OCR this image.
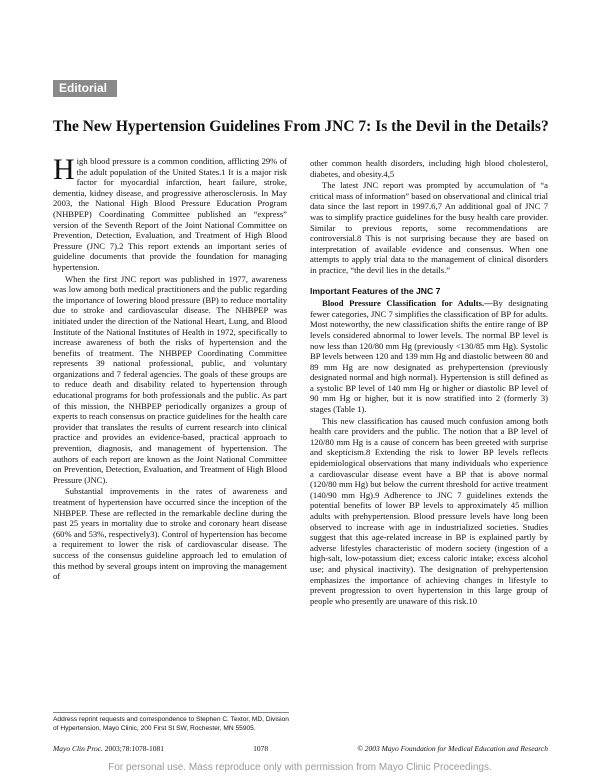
Editorial
The New Hypertension Guidelines From JNC 7: Is the Devil in the Details?

High blood pressure is a common condition, afflicting 29% of the adult population of the United States.1 It is a major risk factor for myocardial infarction, heart failure, stroke, dementia, kidney disease, and progressive atherosclerosis. In May 2003, the National High Blood Pressure Education Program (NHBPEP) Coordinating Committee published an “express” version of the Seventh Report of the Joint National Committee on Prevention, Detection, Evaluation, and Treatment of High Blood Pressure (JNC 7).2 This report extends an important series of guideline documents that provide the foundation for managing hypertension.

When the first JNC report was published in 1977, awareness was low among both medical practitioners and the public regarding the importance of lowering blood pressure (BP) to reduce mortality due to stroke and cardiovascular disease. The NHBPEP was initiated under the direction of the National Heart, Lung, and Blood Institute of the National Institutes of Health in 1972, specifically to increase awareness of both the risks of hypertension and the benefits of treatment. The NHBPEP Coordinating Committee represents 39 national professional, public, and voluntary organizations and 7 federal agencies. The goals of these groups are to reduce death and disability related to hypertension through educational programs for both professionals and the public. As part of this mission, the NHBPEP periodically organizes a group of experts to reach consensus on practice guidelines for the health care provider that translates the results of current research into clinical practice and provides an evidence-based, practical approach to prevention, diagnosis, and management of hypertension. The authors of each report are known as the Joint National Committee on Prevention, Detection, Evaluation, and Treatment of High Blood Pressure (JNC).

Substantial improvements in the rates of awareness and treatment of hypertension have occurred since the inception of the NHBPEP. These are reflected in the remarkable decline during the past 25 years in mortality due to stroke and coronary heart disease (60% and 53%, respectively3). Control of hypertension has become a requirement to lower the risk of cardiovascular disease. The success of the consensus guideline approach led to emulation of this method by several groups intent on improving the management of

other common health disorders, including high blood cholesterol, diabetes, and obesity.4,5

The latest JNC report was prompted by accumulation of “a critical mass of information” based on observational and clinical trial data since the last report in 1997.6,7 An additional goal of JNC 7 was to simplify practice guidelines for the busy health care provider. Similar to previous reports, some recommendations are controversial.8 This is not surprising because they are based on interpretation of available evidence and consensus. When one attempts to apply trial data to the management of clinical disorders in practice, “the devil lies in the details.”

Important Features of the JNC 7

Blood Pressure Classification for Adults.—By designating fewer categories, JNC 7 simplifies the classification of BP for adults. Most noteworthy, the new classification shifts the entire range of BP levels considered abnormal to lower levels. The normal BP level is now less than 120/80 mm Hg (previously <130/85 mm Hg). Systolic BP levels between 120 and 139 mm Hg and diastolic between 80 and 89 mm Hg are now designated as prehypertension (previously designated normal and high normal). Hypertension is still defined as a systolic BP level of 140 mm Hg or higher or diastolic BP level of 90 mm Hg or higher, but it is now stratified into 2 (formerly 3) stages (Table 1).

This new classification has caused much confusion among both health care providers and the public. The notion that a BP level of 120/80 mm Hg is a cause of concern has been greeted with surprise and skepticism.8 Extending the risk to lower BP levels reflects epidemiological observations that many individuals who experience a cardiovascular disease event have a BP that is above normal (120/80 mm Hg) but below the current threshold for active treatment (140/90 mm Hg).9 Adherence to JNC 7 guidelines extends the potential benefits of lower BP levels to approximately 45 million adults with prehypertension. Blood pressure levels have long been observed to increase with age in industrialized societies. Studies suggest that this age-related increase in BP is explained partly by adverse lifestyles characteristic of modern society (ingestion of a high-salt, low-potassium diet; excess caloric intake; excess alcohol use; and physical inactivity). The designation of prehypertension emphasizes the importance of achieving changes in lifestyle to prevent progression to overt hypertension in this large group of people who presently are unaware of this risk.10

Address reprint requests and correspondence to Stephen C. Textor, MD, Division of Hypertension, Mayo Clinic, 200 First St SW, Rochester, MN 55905.
Mayo Clin Proc. 2003;78:1078-1081	1078	© 2003 Mayo Foundation for Medical Education and Research
For personal use. Mass reproduce only with permission from Mayo Clinic Proceedings.
